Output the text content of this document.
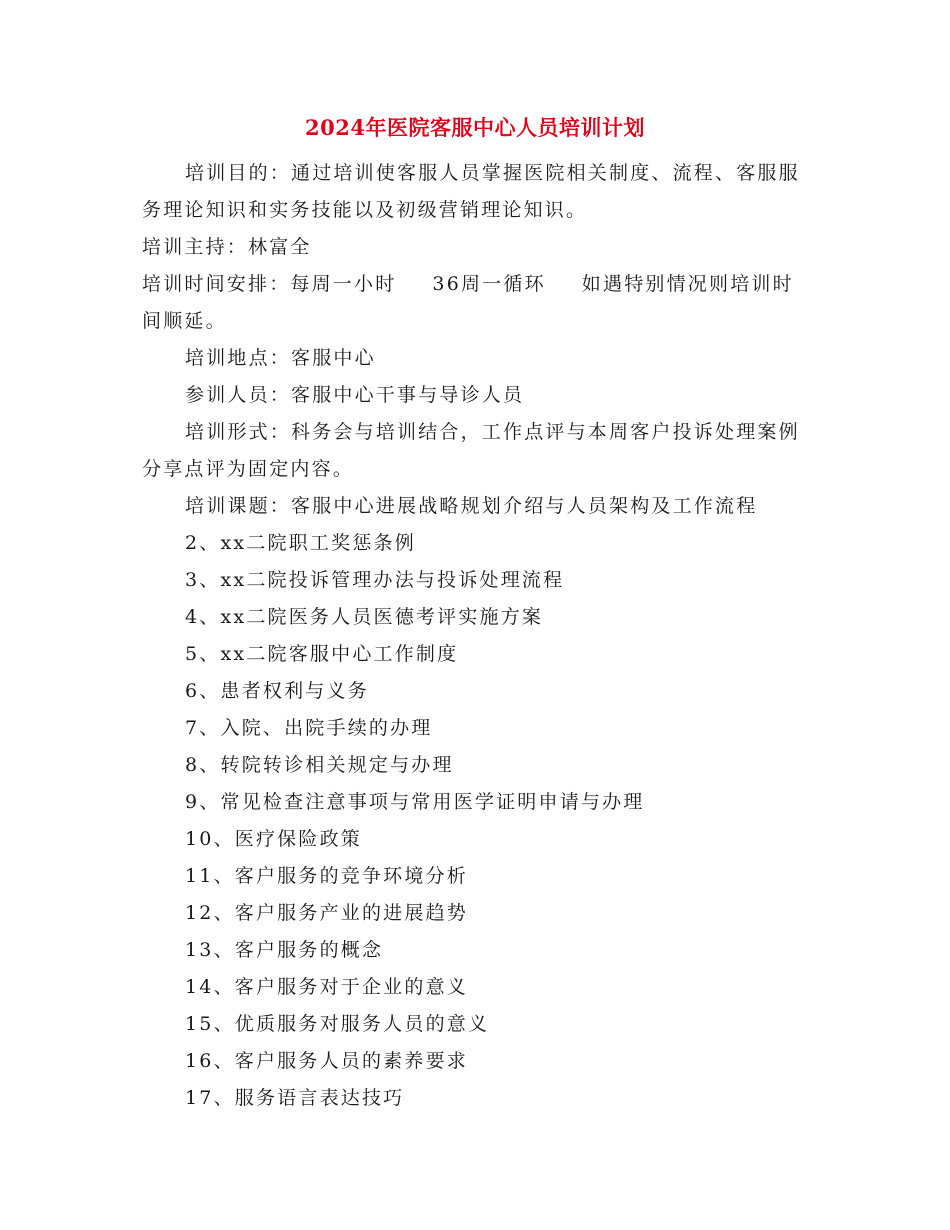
2024年医院客服中心人员培训计划

培训目的：通过培训使客服人员掌握医院相关制度、流程、客服服务理论知识和实务技能以及初级营销理论知识。

培训主持：林富全

培训时间安排：每周一小时 36周一循环 如遇特别情况则培训时间顺延。

培训地点：客服中心

参训人员：客服中心干事与导诊人员

培训形式：科务会与培训结合，工作点评与本周客户投诉处理案例分享点评为固定内容。

培训课题：客服中心进展战略规划介绍与人员架构及工作流程

2、xx二院职工奖惩条例

3、xx二院投诉管理办法与投诉处理流程

4、xx二院医务人员医德考评实施方案

5、xx二院客服中心工作制度

6、患者权利与义务

7、入院、出院手续的办理

8、转院转诊相关规定与办理

9、常见检查注意事项与常用医学证明申请与办理

10、医疗保险政策

11、客户服务的竞争环境分析

12、客户服务产业的进展趋势

13、客户服务的概念

14、客户服务对于企业的意义

15、优质服务对服务人员的意义

16、客户服务人员的素养要求

17、服务语言表达技巧
